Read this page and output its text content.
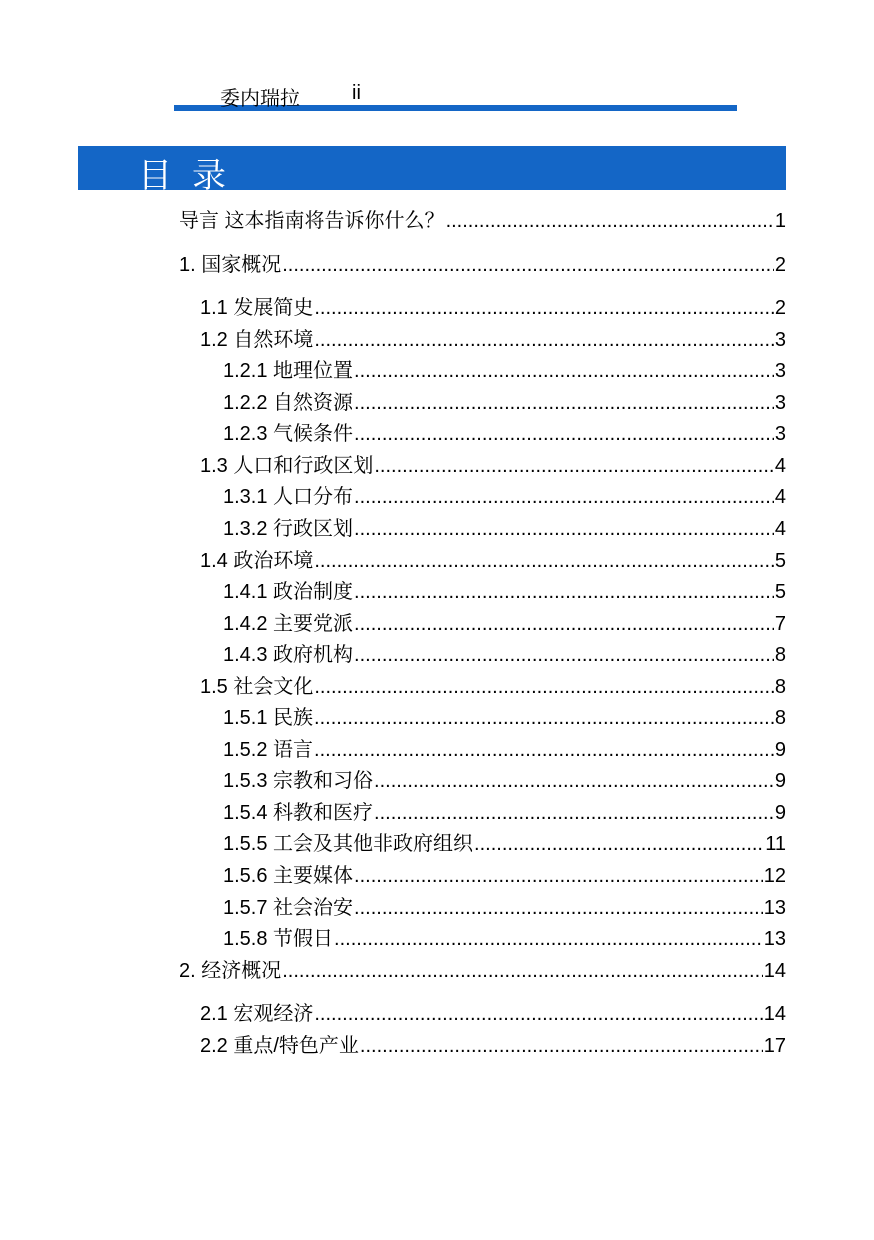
委内瑞拉	ii
目录
导言 这本指南将告诉你什么？ .....	1
1. 国家概况 .....	2
1.1 发展简史 .....	2
1.2 自然环境 .....	3
1.2.1 地理位置 .....	3
1.2.2 自然资源 .....	3
1.2.3 气候条件 .....	3
1.3 人口和行政区划 .....	4
1.3.1 人口分布 .....	4
1.3.2 行政区划 .....	4
1.4 政治环境 .....	5
1.4.1 政治制度 .....	5
1.4.2 主要党派 .....	7
1.4.3 政府机构 .....	8
1.5 社会文化 .....	8
1.5.1 民族 .....	8
1.5.2 语言 .....	9
1.5.3 宗教和习俗 .....	9
1.5.4 科教和医疗 .....	9
1.5.5 工会及其他非政府组织 .....	11
1.5.6 主要媒体 .....	12
1.5.7 社会治安 .....	13
1.5.8 节假日 .....	13
2. 经济概况 .....	14
2.1 宏观经济 .....	14
2.2 重点/特色产业 .....	17
